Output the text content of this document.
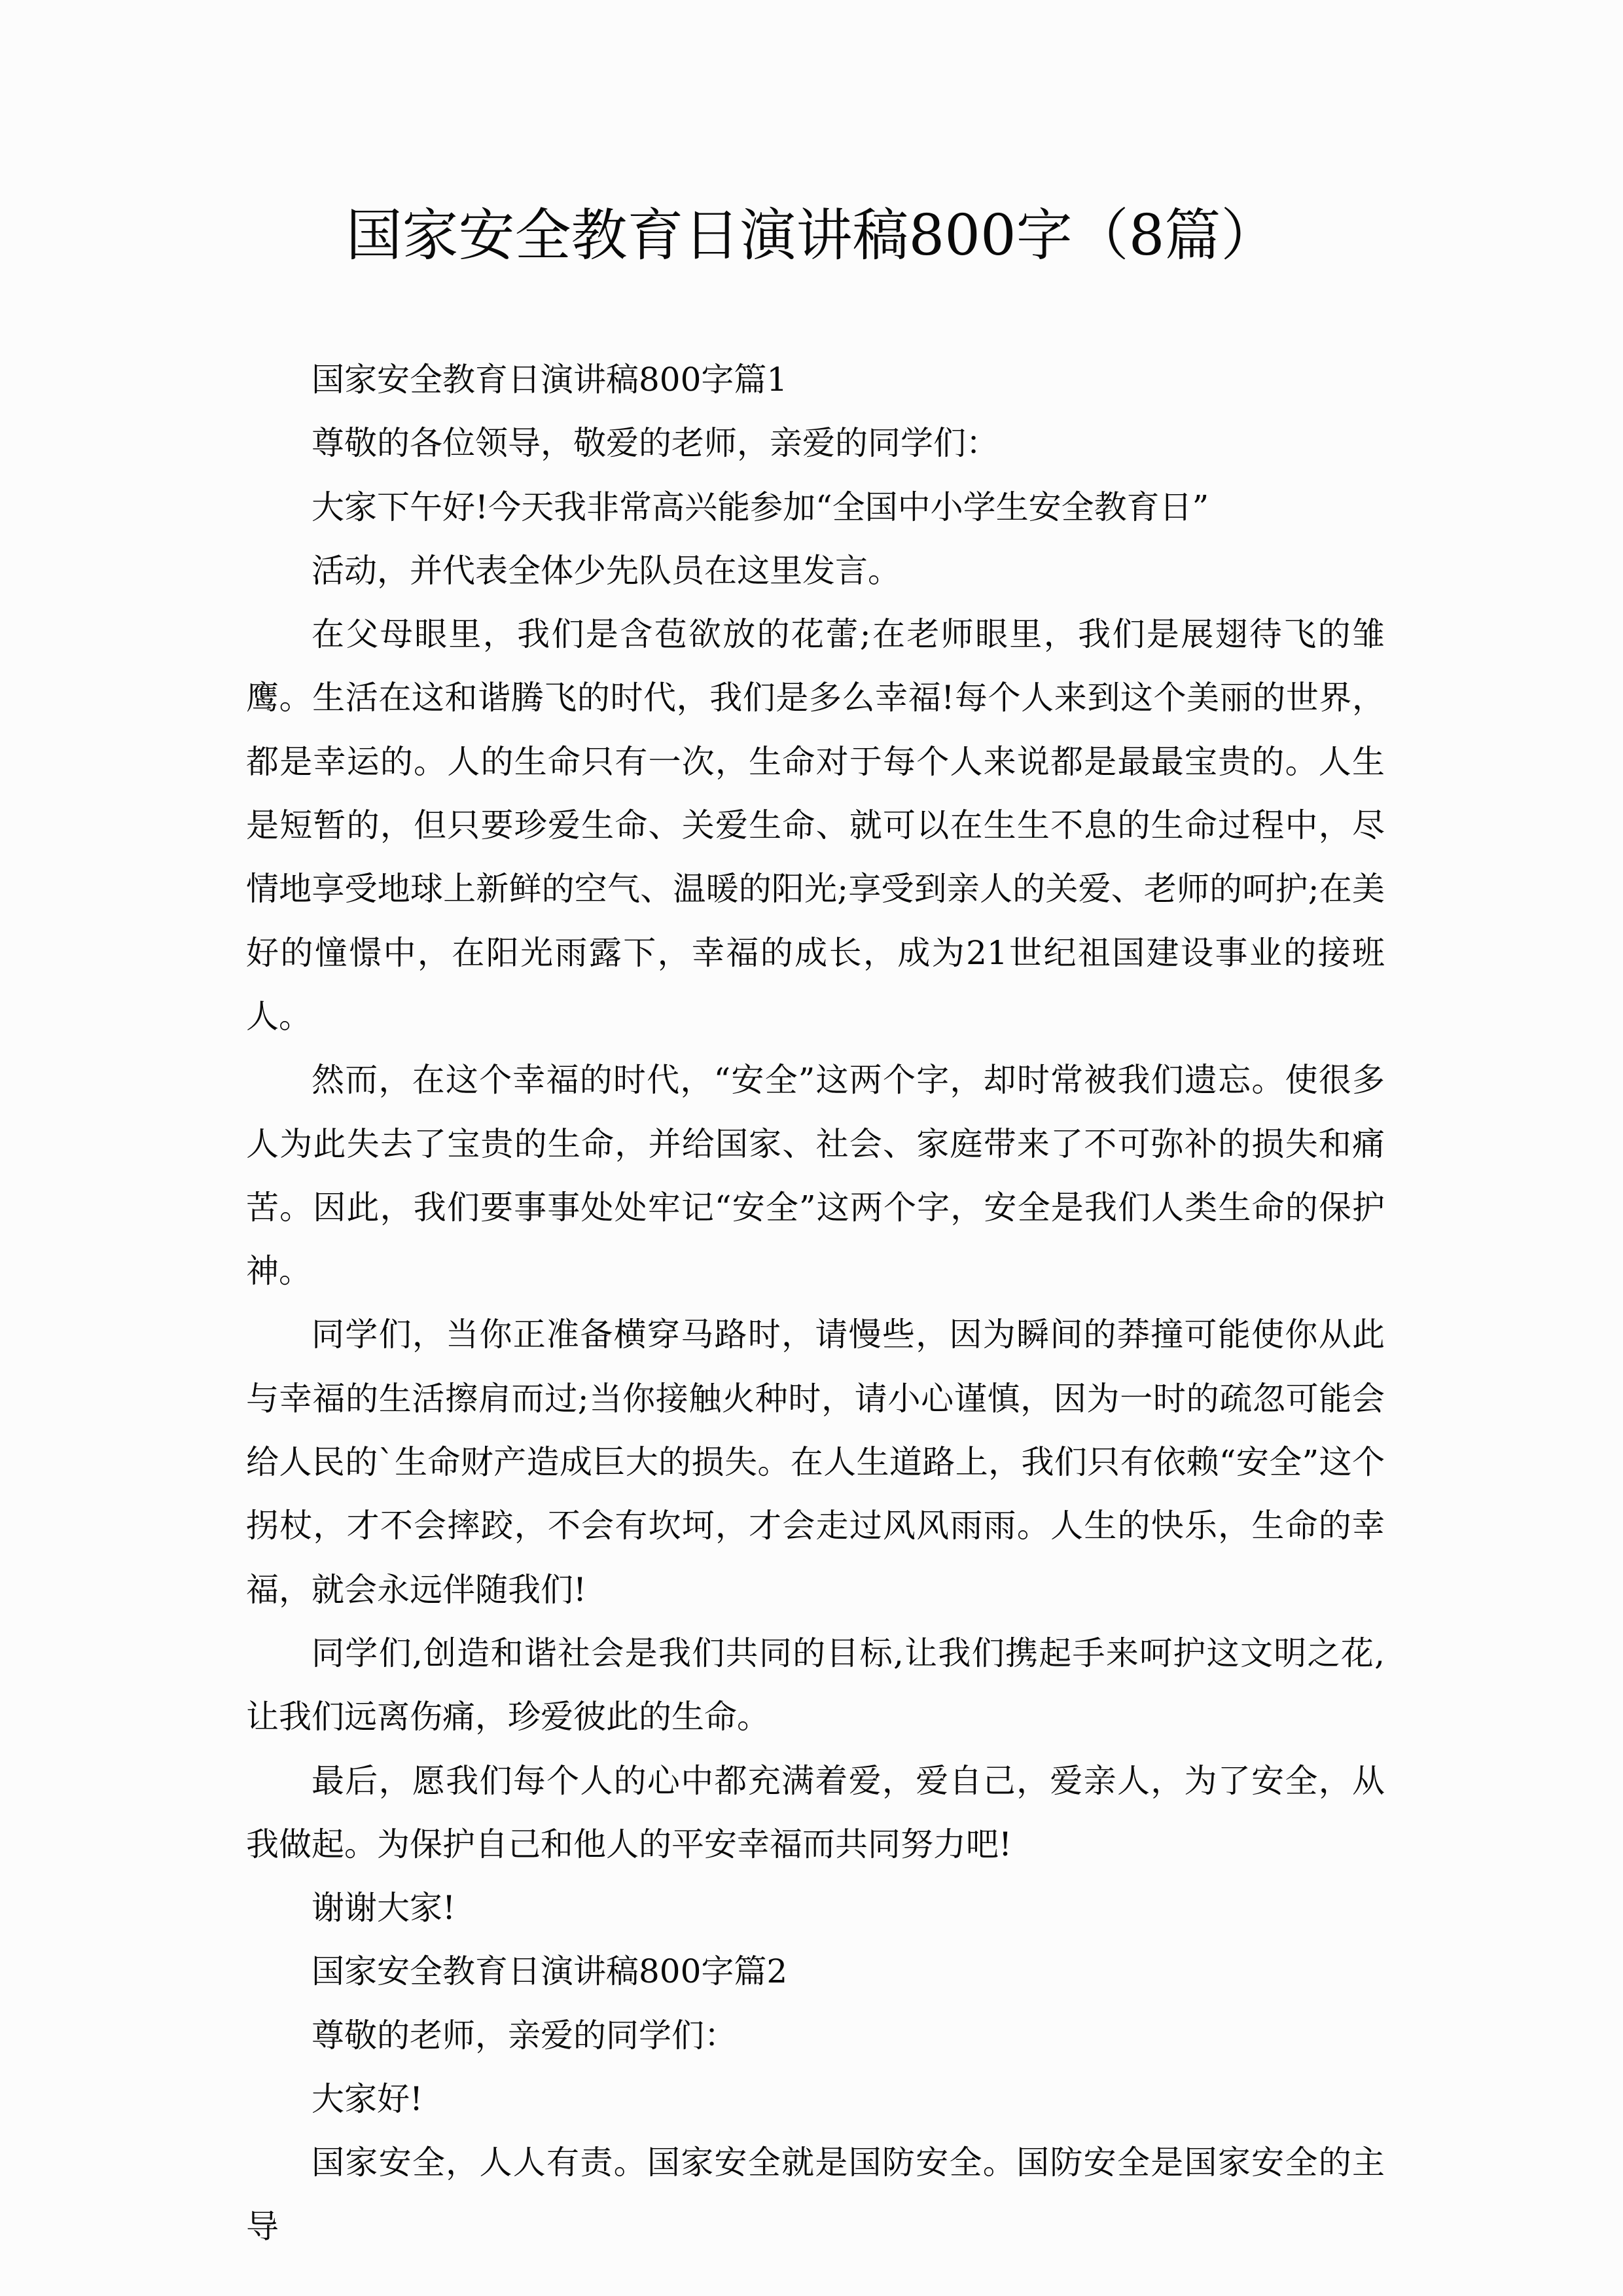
国家安全教育日演讲稿800字（8篇）

国家安全教育日演讲稿800字篇1

尊敬的各位领导，敬爱的老师，亲爱的同学们：

大家下午好!今天我非常高兴能参加“全国中小学生安全教育日”

活动，并代表全体少先队员在这里发言。

在父母眼里，我们是含苞欲放的花蕾;在老师眼里，我们是展翅待飞的雏鹰。生活在这和谐腾飞的时代，我们是多么幸福!每个人来到这个美丽的世界，都是幸运的。人的生命只有一次，生命对于每个人来说都是最最宝贵的。人生是短暂的，但只要珍爱生命、关爱生命、就可以在生生不息的生命过程中，尽情地享受地球上新鲜的空气、温暖的阳光;享受到亲人的关爱、老师的呵护;在美好的憧憬中，在阳光雨露下，幸福的成长，成为21世纪祖国建设事业的接班人。

然而，在这个幸福的时代，“安全”这两个字，却时常被我们遗忘。使很多人为此失去了宝贵的生命，并给国家、社会、家庭带来了不可弥补的损失和痛苦。因此，我们要事事处处牢记“安全”这两个字，安全是我们人类生命的保护神。

同学们，当你正准备横穿马路时，请慢些，因为瞬间的莽撞可能使你从此与幸福的生活擦肩而过;当你接触火种时，请小心谨慎，因为一时的疏忽可能会给人民的`生命财产造成巨大的损失。在人生道路上，我们只有依赖“安全”这个拐杖，才不会摔跤，不会有坎坷，才会走过风风雨雨。人生的快乐，生命的幸福，就会永远伴随我们!

同学们,创造和谐社会是我们共同的目标,让我们携起手来呵护这文明之花,让我们远离伤痛，珍爱彼此的生命。

最后，愿我们每个人的心中都充满着爱，爱自己，爱亲人，为了安全，从我做起。为保护自己和他人的平安幸福而共同努力吧!

谢谢大家!

国家安全教育日演讲稿800字篇2

尊敬的老师，亲爱的同学们：

大家好!

国家安全，人人有责。国家安全就是国防安全。国防安全是国家安全的主导
